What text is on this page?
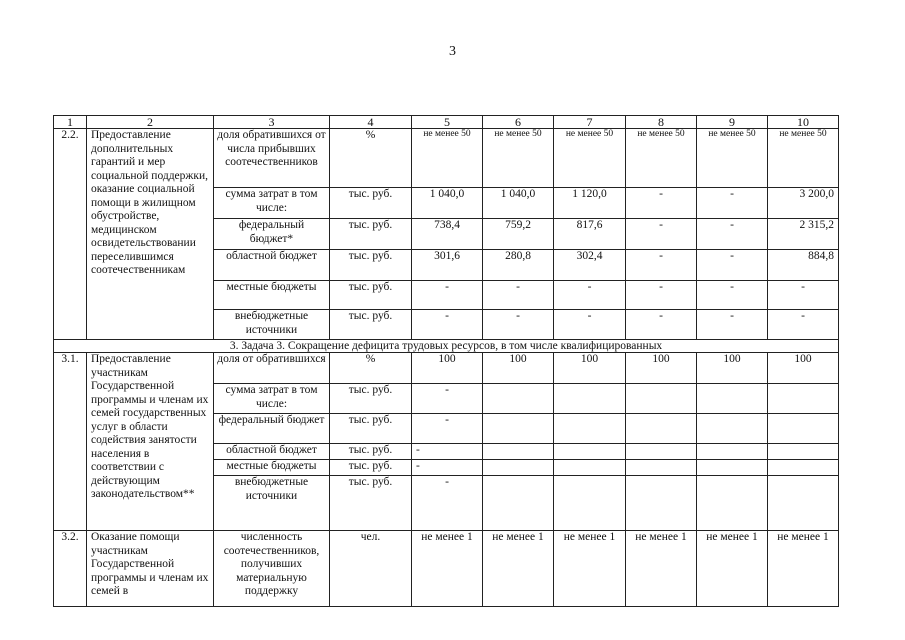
3
1	2	3	4	5	6	7	8	9	10
2.2.	Предоставление дополнительных гарантий и мер социальной поддержки, оказание социальной помощи в жилищном обустройстве, медицинском освидетельствовании переселившимся соотечественникам	доля обратившихся от числа прибывших соотечественников	%	не менее 50	не менее 50	не менее 50	не менее 50	не менее 50	не менее 50
		сумма затрат в том числе:	тыс. руб.	1 040,0	1 040,0	1 120,0	-	-	3 200,0
		федеральный бюджет*	тыс. руб.	738,4	759,2	817,6	-	-	2 315,2
		областной бюджет	тыс. руб.	301,6	280,8	302,4	-	-	884,8
		местные бюджеты	тыс. руб.	-	-	-	-	-	-
		внебюджетные источники	тыс. руб.	-	-	-	-	-	-
3. Задача 3. Сокращение дефицита трудовых ресурсов, в том числе квалифицированных									
3.1.	Предоставление участникам Государственной программы и членам их семей государственных услуг в области содействия занятости населения в соответствии с действующим законодательством**	доля от обратившихся	%	100	100	100	100	100	100
		сумма затрат в том числе:	тыс. руб.	-					
		федеральный бюджет	тыс. руб.	-					
		областной бюджет	тыс. руб.	-					
		местные бюджеты	тыс. руб.	-					
		внебюджетные источники	тыс. руб.	-					
3.2.	Оказание помощи участникам Государственной программы и членам их семей в	численность соотечественников, получивших материальную поддержку	чел.	не менее 1	не менее 1	не менее 1	не менее 1	не менее 1	не менее 1
